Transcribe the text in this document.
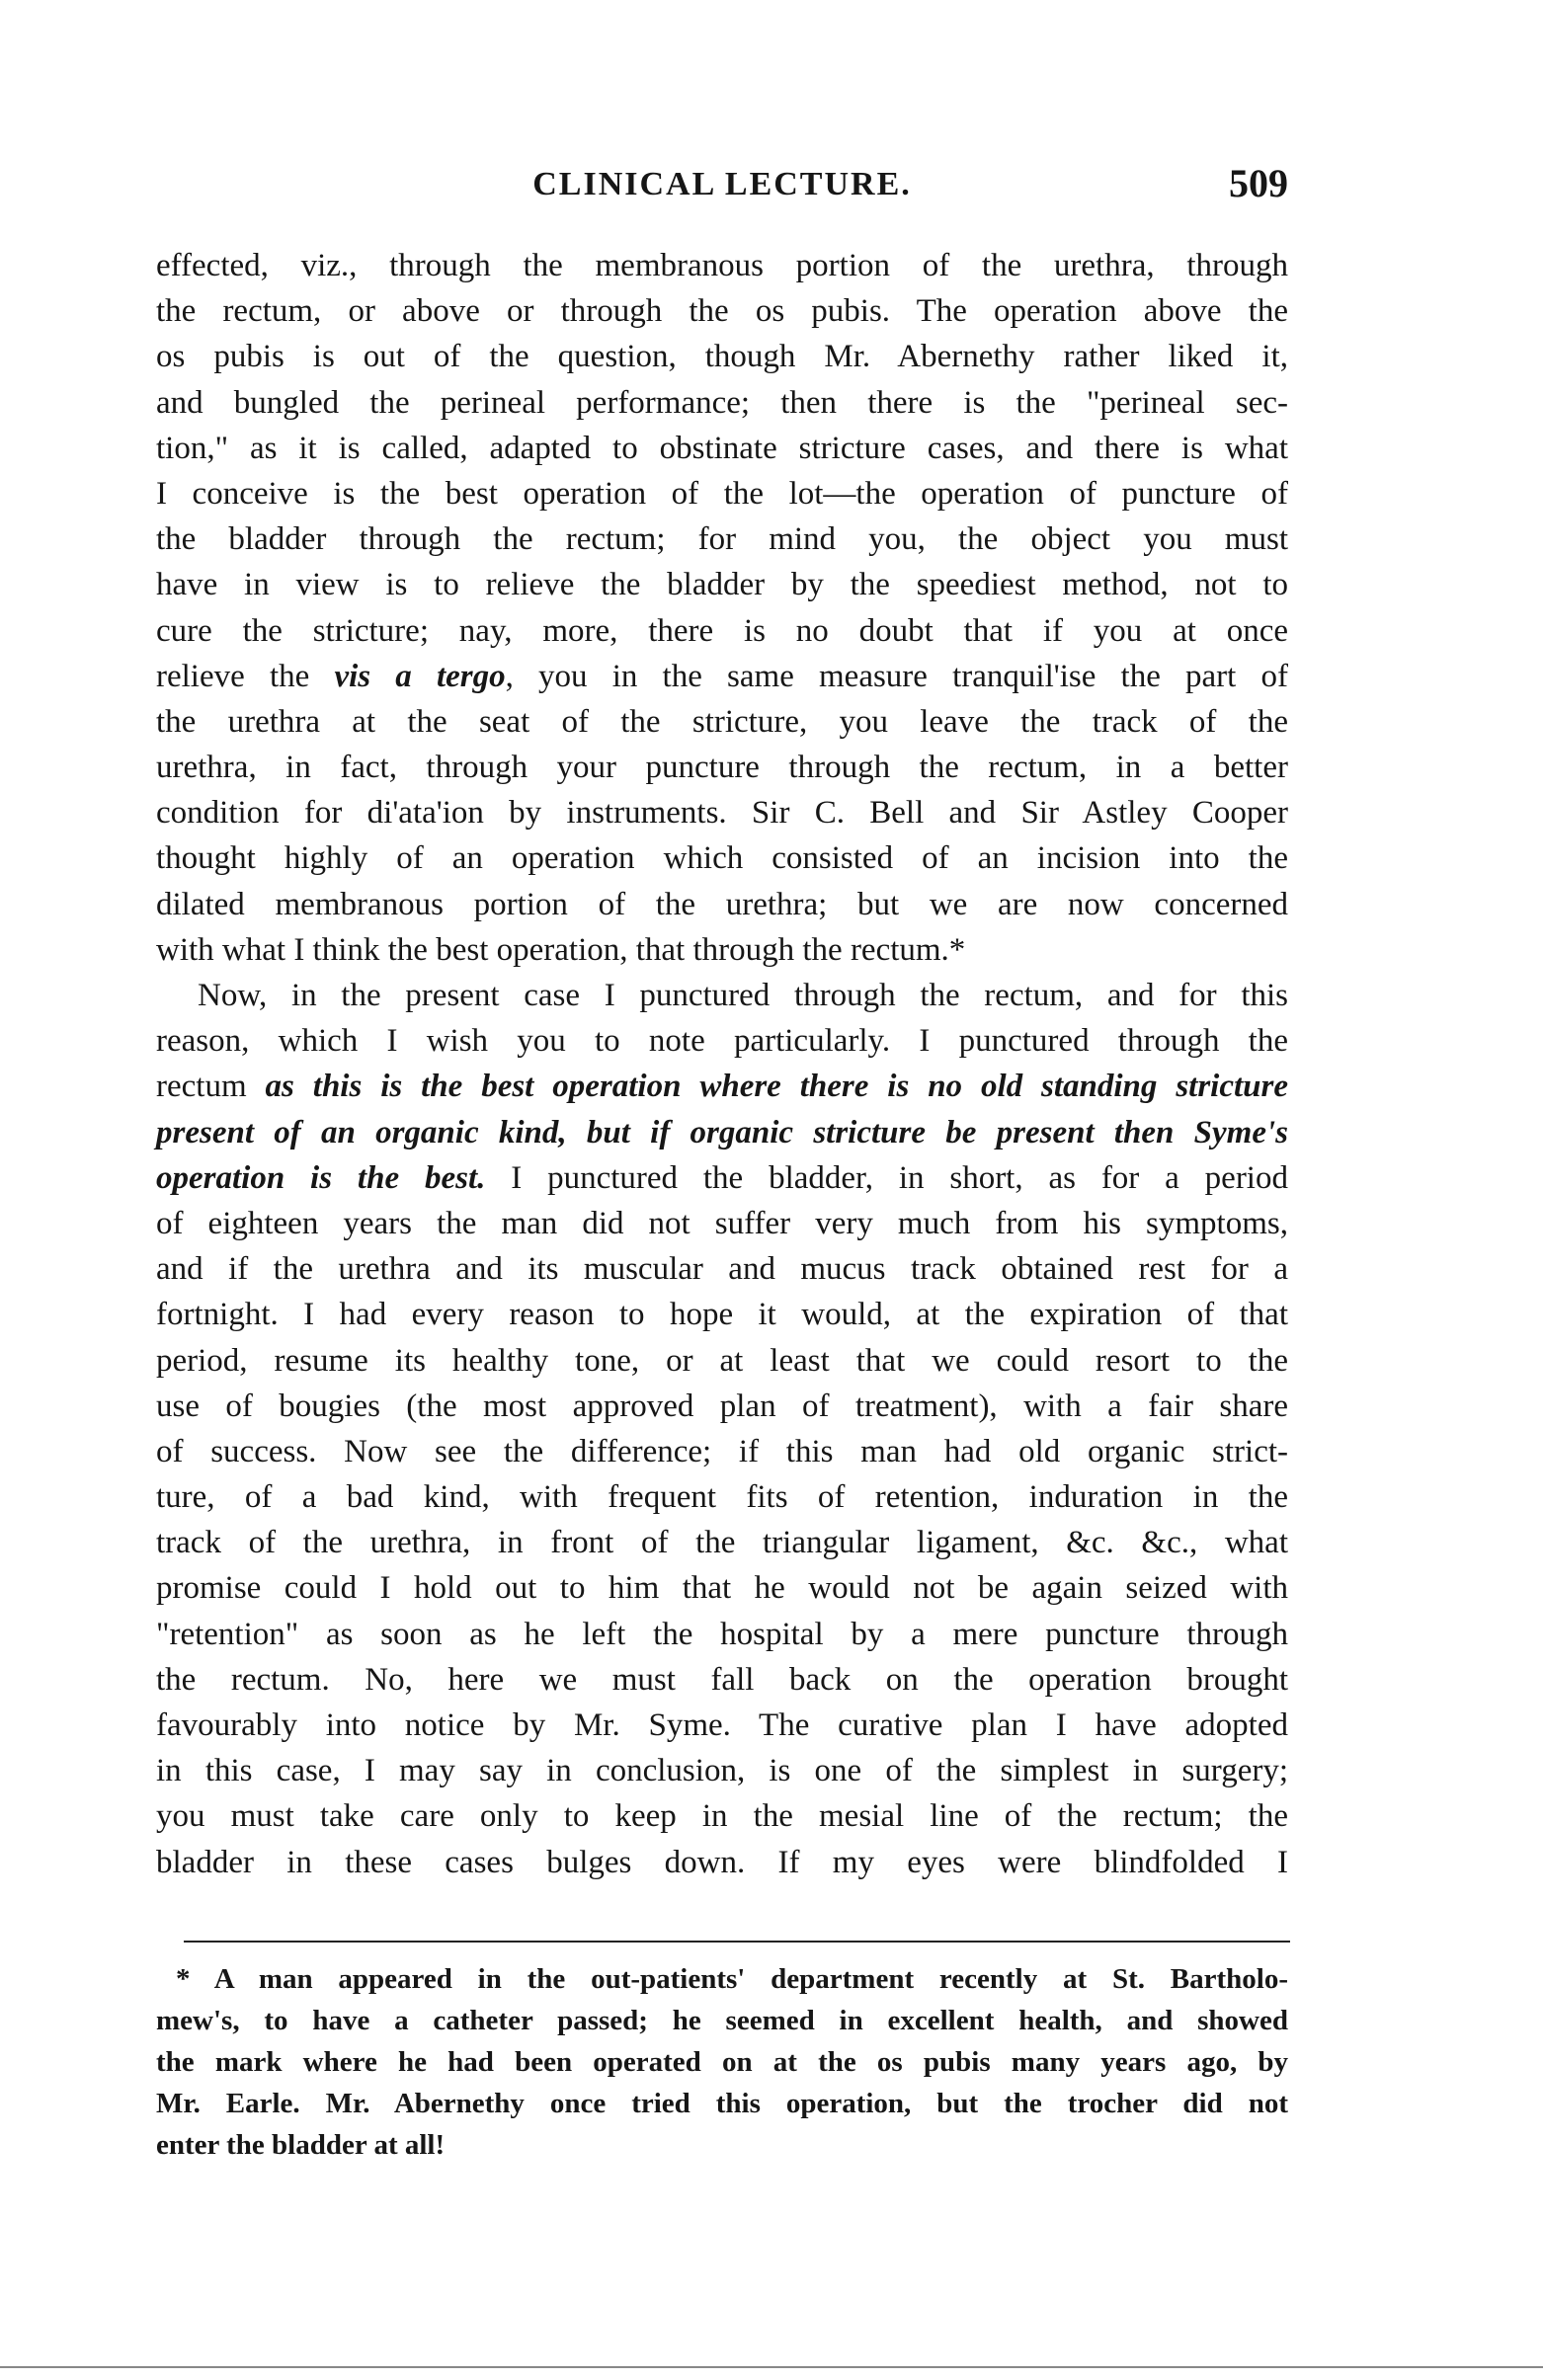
CLINICAL LECTURE.	509
effected, viz., through the membranous portion of the urethra, through
the rectum, or above or through the os pubis. The operation above the
os pubis is out of the question, though Mr. Abernethy rather liked it,
and bungled the perineal performance; then there is the "perineal sec-
tion," as it is called, adapted to obstinate stricture cases, and there is what
I conceive is the best operation of the lot—the operation of puncture of
the bladder through the rectum; for mind you, the object you must
have in view is to relieve the bladder by the speediest method, not to
cure the stricture; nay, more, there is no doubt that if you at once
relieve the vis a tergo, you in the same measure tranquil'ise the part of
the urethra at the seat of the stricture, you leave the track of the
urethra, in fact, through your puncture through the rectum, in a better
condition for di'ata'ion by instruments. Sir C. Bell and Sir Astley Cooper
thought highly of an operation which consisted of an incision into the
dilated membranous portion of the urethra; but we are now concerned
with what I think the best operation, that through the rectum.*
Now, in the present case I punctured through the rectum, and for this
reason, which I wish you to note particularly. I punctured through the
rectum as this is the best operation where there is no old standing stricture
present of an organic kind, but if organic stricture be present then Syme's
operation is the best. I punctured the bladder, in short, as for a period
of eighteen years the man did not suffer very much from his symptoms,
and if the urethra and its muscular and mucus track obtained rest for a
fortnight. I had every reason to hope it would, at the expiration of that
period, resume its healthy tone, or at least that we could resort to the
use of bougies (the most approved plan of treatment), with a fair share
of success. Now see the difference; if this man had old organic strict-
ture, of a bad kind, with frequent fits of retention, induration in the
track of the urethra, in front of the triangular ligament, &c. &c., what
promise could I hold out to him that he would not be again seized with
"retention" as soon as he left the hospital by a mere puncture through
the rectum. No, here we must fall back on the operation brought
favourably into notice by Mr. Syme. The curative plan I have adopted
in this case, I may say in conclusion, is one of the simplest in surgery;
you must take care only to keep in the mesial line of the rectum; the
bladder in these cases bulges down. If my eyes were blindfolded I
* A man appeared in the out-patients' department recently at St. Bartholo-
mew's, to have a catheter passed; he seemed in excellent health, and showed
the mark where he had been operated on at the os pubis many years ago, by
Mr. Earle. Mr. Abernethy once tried this operation, but the trocher did not
enter the bladder at all!
